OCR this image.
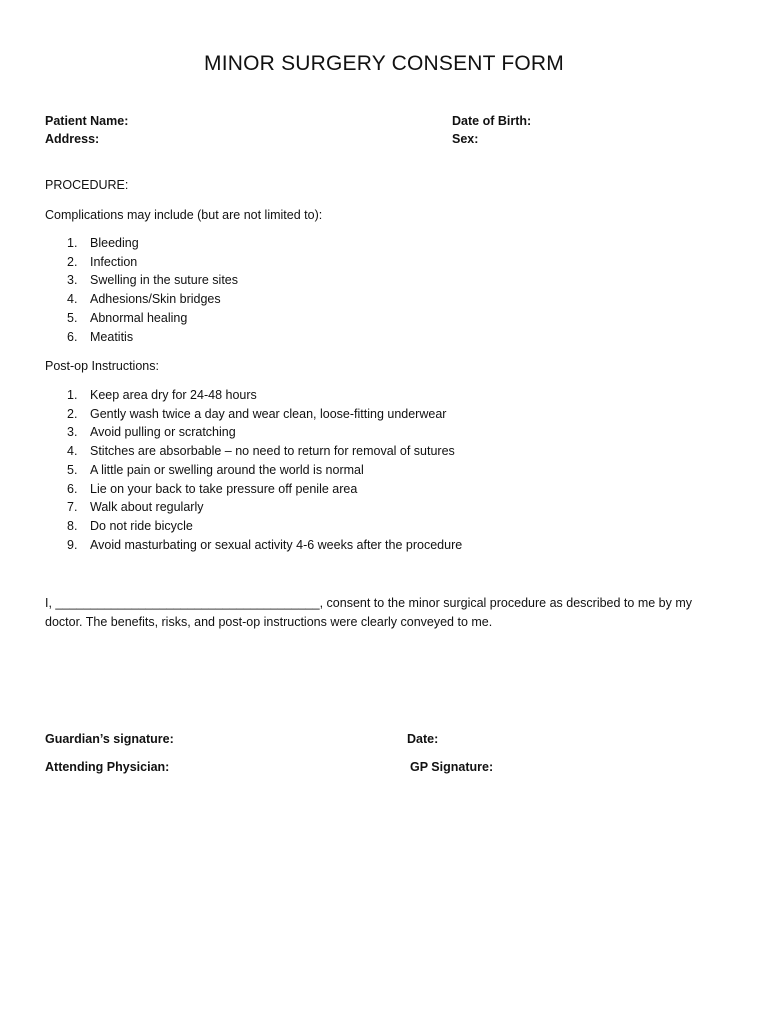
MINOR SURGERY CONSENT FORM
Patient Name:
Address:
Date of Birth:
Sex:
PROCEDURE:
Complications may include (but are not limited to):
1. Bleeding
2. Infection
3. Swelling in the suture sites
4. Adhesions/Skin bridges
5. Abnormal healing
6. Meatitis
Post-op Instructions:
1. Keep area dry for 24-48 hours
2. Gently wash twice a day and wear clean, loose-fitting underwear
3. Avoid pulling or scratching
4. Stitches are absorbable – no need to return for removal of sutures
5. A little pain or swelling around the world is normal
6. Lie on your back to take pressure off penile area
7. Walk about regularly
8. Do not ride bicycle
9. Avoid masturbating or sexual activity 4-6 weeks after the procedure
I, ______________________________________, consent to the minor surgical procedure as described to me by my doctor. The benefits, risks, and post-op instructions were clearly conveyed to me.
Guardian’s signature:	Date:
Attending Physician:	GP Signature:
